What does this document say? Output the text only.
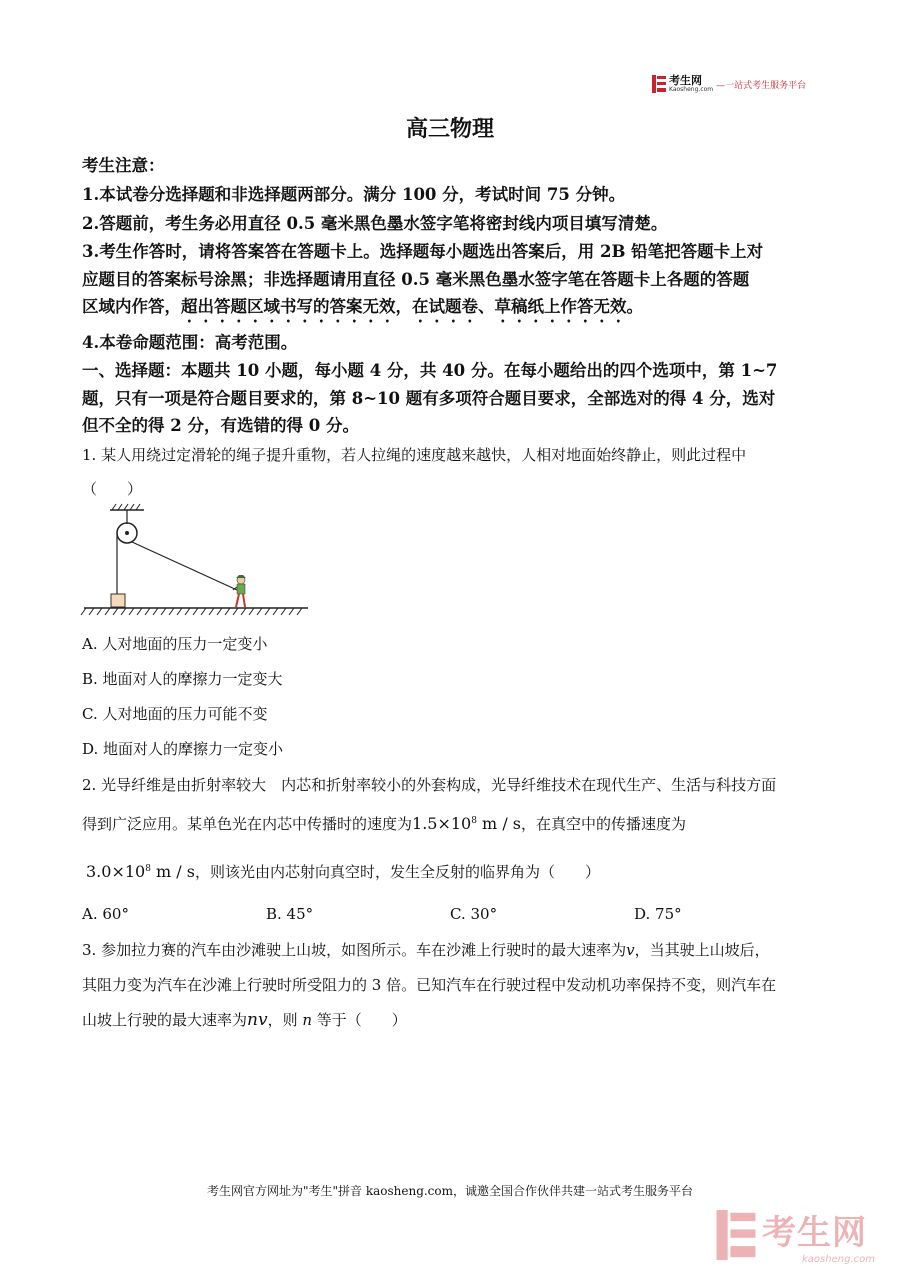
考生网
Kaosheng.com —一站式考生服务平台
高三物理
考生注意：
1.本试卷分选择题和非选择题两部分。满分 100 分，考试时间 75 分钟。
2.答题前，考生务必用直径 0.5 毫米黑色墨水签字笔将密封线内项目填写清楚。
3.考生作答时，请将答案答在答题卡上。选择题每小题选出答案后，用 2B 铅笔把答题卡上对
应题目的答案标号涂黑；非选择题请用直径 0.5 毫米黑色墨水签字笔在答题卡上各题的答题
区域内作答，超出答题区域书写的答案无效，在试题卷、草稿纸上作答无效。
4.本卷命题范围：高考范围。
一、选择题：本题共 10 小题，每小题 4 分，共 40 分。在每小题给出的四个选项中，第 1~7
题，只有一项是符合题目要求的，第 8~10 题有多项符合题目要求，全部选对的得 4 分，选对
但不全的得 2 分，有选错的得 0 分。
1. 某人用绕过定滑轮的绳子提升重物，若人拉绳的速度越来越快，人相对地面始终静止，则此过程中
（　　）
A. 人对地面的压力一定变小
B. 地面对人的摩擦力一定变大
C. 人对地面的压力可能不变
D. 地面对人的摩擦力一定变小
2. 光导纤维是由折射率较大　内芯和折射率较小的外套构成，光导纤维技术在现代生产、生活与科技方面
得到广泛应用。某单色光在内芯中传播时的速度为$1.5\times 10^8$ m / s，在真空中的传播速度为
$3.0\times 10^8$ m / s，则该光由内芯射向真空时，发生全反射的临界角为（　　）
A. 60°	B. 45°	C. 30°	D. 75°
3. 参加拉力赛的汽车由沙滩驶上山坡，如图所示。车在沙滩上行驶时的最大速率为v，当其驶上山坡后，
其阻力变为汽车在沙滩上行驶时所受阻力的 3 倍。已知汽车在行驶过程中发动机功率保持不变，则汽车在
山坡上行驶的最大速率为nv，则 n 等于（　　）
考生网官方网址为"考生"拼音 kaosheng.com，诚邀全国合作伙伴共建一站式考生服务平台
考生网
kaosheng.com
